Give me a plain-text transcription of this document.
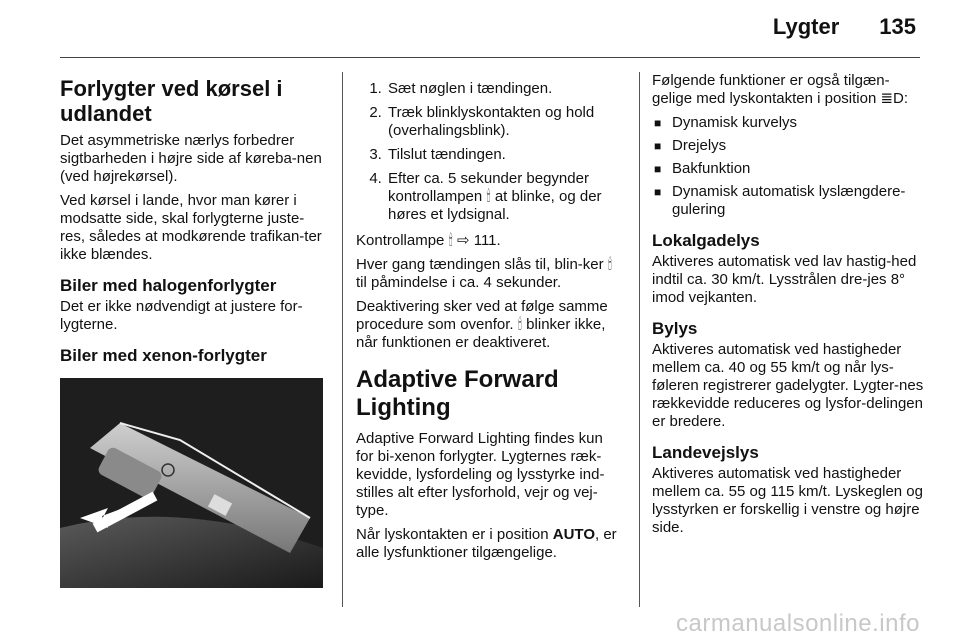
Lygter 135
Forlygter ved kørsel i udlandet

Det asymmetriske nærlys forbedrer sigtbarheden i højre side af køreba-nen (ved højrekørsel).

Ved kørsel i lande, hvor man kører i modsatte side, skal forlygterne juste-res, således at modkørende trafikan-ter ikke blændes.

Biler med halogenforlygter

Det er ikke nødvendigt at justere for-lygterne.

Biler med xenon-forlygter
1. Sæt nøglen i tændingen.
2. Træk blinklyskontakten og hold (overhalingsblink).
3. Tilslut tændingen.
4. Efter ca. 5 sekunder begynder kontrollampen 🕯 at blinke, og der høres et lydsignal.

Kontrollampe 🕯 ⇨ 111.

Hver gang tændingen slås til, blin-ker 🕯 til påmindelse i ca. 4 sekunder.

Deaktivering sker ved at følge samme procedure som ovenfor. 🕯 blinker ikke, når funktionen er deaktiveret.

Adaptive Forward Lighting

Adaptive Forward Lighting findes kun for bi-xenon forlygter. Lygternes ræk-kevidde, lysfordeling og lysstyrke ind-stilles alt efter lysforhold, vejr og vej-type.

Når lyskontakten er i position AUTO, er alle lysfunktioner tilgængelige.

Følgende funktioner er også tilgæn-gelige med lyskontakten i position ≣D:

■ Dynamisk kurvelys
■ Drejelys
■ Bakfunktion
■ Dynamisk automatisk lyslængdere-gulering
Lokalgadelys

Aktiveres automatisk ved lav hastig-hed indtil ca. 30 km/t. Lysstrålen dre-jes 8° imod vejkanten.

Bylys

Aktiveres automatisk ved hastigheder mellem ca. 40 og 55 km/t og når lys-føleren registrerer gadelygter. Lygter-nes rækkevidde reduceres og lysfor-delingen er bredere.

Landevejslys

Aktiveres automatisk ved hastigheder mellem ca. 55 og 115 km/t. Lyskeglen og lysstyrken er forskellig i venstre og højre side.

carmanualsonline.info
